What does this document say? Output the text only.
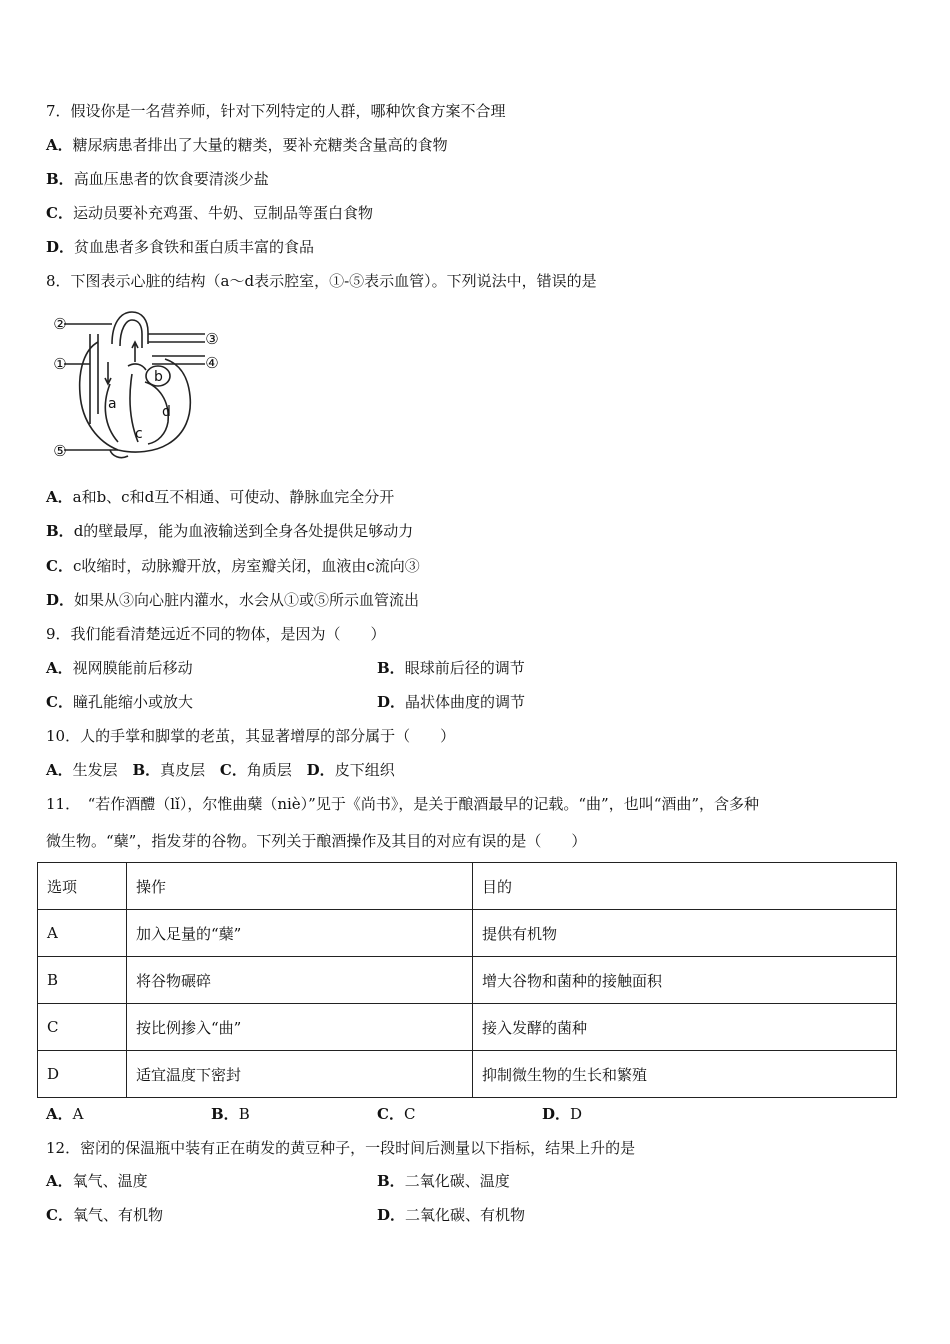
7．假设你是一名营养师，针对下列特定的人群，哪种饮食方案不合理
A．糖尿病患者排出了大量的糖类，要补充糖类含量高的食物
B．高血压患者的饮食要清淡少盐
C．运动员要补充鸡蛋、牛奶、豆制品等蛋白食物
D．贫血患者多食铁和蛋白质丰富的食品
8．下图表示心脏的结构（a～d表示腔室，①-⑤表示血管）。下列说法中，错误的是
②
①
③
④
⑤
a
b
c
d
A．a和b、c和d互不相通、可使动、静脉血完全分开
B．d的壁最厚，能为血液输送到全身各处提供足够动力
C．c收缩时，动脉瓣开放，房室瓣关闭，血液由c流向③
D．如果从③向心脏内灌水，水会从①或⑤所示血管流出
9．我们能看清楚远近不同的物体，是因为（　　）
A．视网膜能前后移动	B．眼球前后径的调节
C．瞳孔能缩小或放大	D．晶状体曲度的调节
10．人的手掌和脚掌的老茧，其显著增厚的部分属于（　　）
A．生发层 B．真皮层 C．角质层 D．皮下组织
11．　“若作酒醴（lǐ），尔惟曲蘖（niè）”见于《尚书》，是关于酿酒最早的记载。“曲”，也叫“酒曲”，含多种
微生物。“蘖”，指发芽的谷物。下列关于酿酒操作及其目的对应有误的是（　　）
选项	操作	目的
A	加入足量的“蘖”	提供有机物
B	将谷物碾碎	增大谷物和菌种的接触面积
C	按比例掺入“曲”	接入发酵的菌种
D	适宜温度下密封	抑制微生物的生长和繁殖
A．A	B．B	C．C	D．D
12．密闭的保温瓶中装有正在萌发的黄豆种子，一段时间后测量以下指标，结果上升的是
A．氧气、温度	B．二氧化碳、温度
C．氧气、有机物	D．二氧化碳、有机物
